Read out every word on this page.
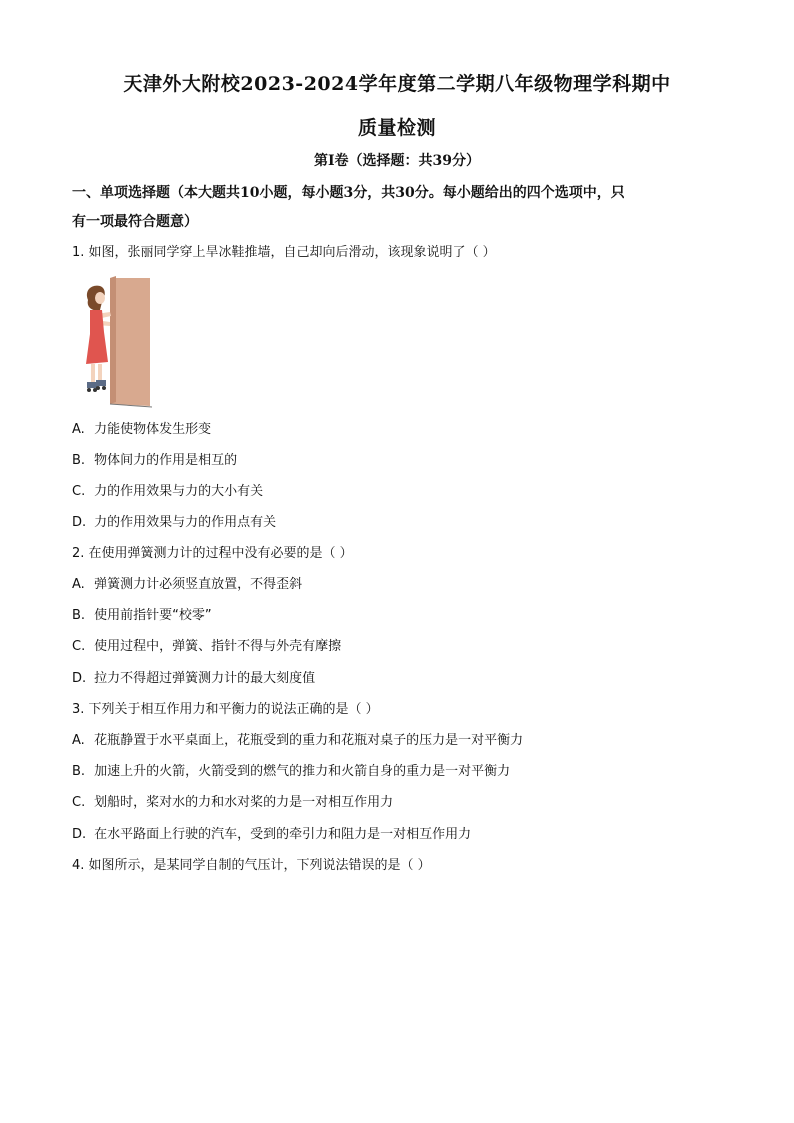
天津外大附校2023-2024学年度第二学期八年级物理学科期中
质量检测
第I卷（选择题：共39分）
一、单项选择题（本大题共10小题，每小题3分，共30分。每小题给出的四个选项中，只
有一项最符合题意）
1. 如图，张丽同学穿上旱冰鞋推墙，自己却向后滑动，该现象说明了（ ）
A. 力能使物体发生形变
B. 物体间力的作用是相互的
C. 力的作用效果与力的大小有关
D. 力的作用效果与力的作用点有关
2. 在使用弹簧测力计的过程中没有必要的是（ ）
A. 弹簧测力计必须竖直放置，不得歪斜
B. 使用前指针要“校零”
C. 使用过程中，弹簧、指针不得与外壳有摩擦
D. 拉力不得超过弹簧测力计的最大刻度值
3. 下列关于相互作用力和平衡力的说法正确的是（ ）
A. 花瓶静置于水平桌面上，花瓶受到的重力和花瓶对桌子的压力是一对平衡力
B. 加速上升的火箭，火箭受到的燃气的推力和火箭自身的重力是一对平衡力
C. 划船时，桨对水的力和水对桨的力是一对相互作用力
D. 在水平路面上行驶的汽车，受到的牵引力和阻力是一对相互作用力
4. 如图所示，是某同学自制的气压计，下列说法错误的是（ ）
